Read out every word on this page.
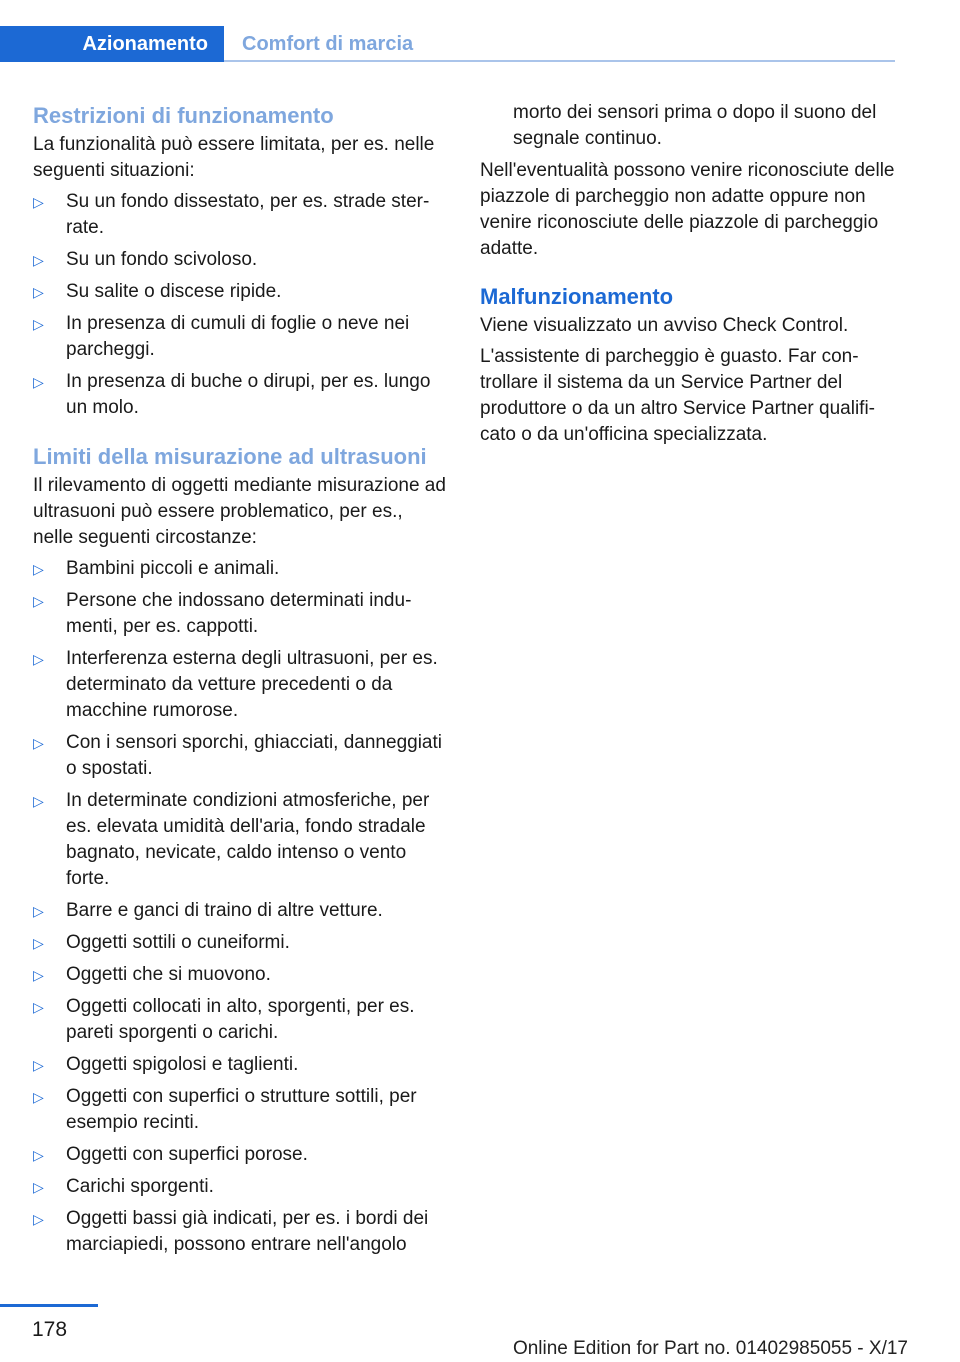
Azionamento	Comfort di marcia
Restrizioni di funzionamento

La funzionalità può essere limitata, per es. nelle seguenti situazioni:

▷ Su un fondo dissestato, per es. strade sterrate.
▷ Su un fondo scivoloso.
▷ Su salite o discese ripide.
▷ In presenza di cumuli di foglie o neve nei parcheggi.
▷ In presenza di buche o dirupi, per es. lungo un molo.
Limiti della misurazione ad ultrasuoni

Il rilevamento di oggetti mediante misurazione ad ultrasuoni può essere problematico, per es., nelle seguenti circostanze:

▷ Bambini piccoli e animali.
▷ Persone che indossano determinati indumenti, per es. cappotti.
▷ Interferenza esterna degli ultrasuoni, per es. determinato da vetture precedenti o da macchine rumorose.
▷ Con i sensori sporchi, ghiacciati, danneggiati o spostati.
▷ In determinate condizioni atmosferiche, per es. elevata umidità dell'aria, fondo stradale bagnato, nevicate, caldo intenso o vento forte.
▷ Barre e ganci di traino di altre vetture.
▷ Oggetti sottili o cuneiformi.
▷ Oggetti che si muovono.
▷ Oggetti collocati in alto, sporgenti, per es. pareti sporgenti o carichi.
▷ Oggetti spigolosi e taglienti.
▷ Oggetti con superfici o strutture sottili, per esempio recinti.
▷ Oggetti con superfici porose.
▷ Carichi sporgenti.
▷ Oggetti bassi già indicati, per es. i bordi dei marciapiedi, possono entrare nell'angolo
morto dei sensori prima o dopo il suono del segnale continuo.

Nell'eventualità possono venire riconosciute delle piazzole di parcheggio non adatte oppure non venire riconosciute delle piazzole di parcheggio adatte.

Malfunzionamento

Viene visualizzato un avviso Check Control.

L'assistente di parcheggio è guasto. Far controllare il sistema da un Service Partner del produttore o da un altro Service Partner qualificato o da un'officina specializzata.

178
Online Edition for Part no. 01402985055 - X/17
